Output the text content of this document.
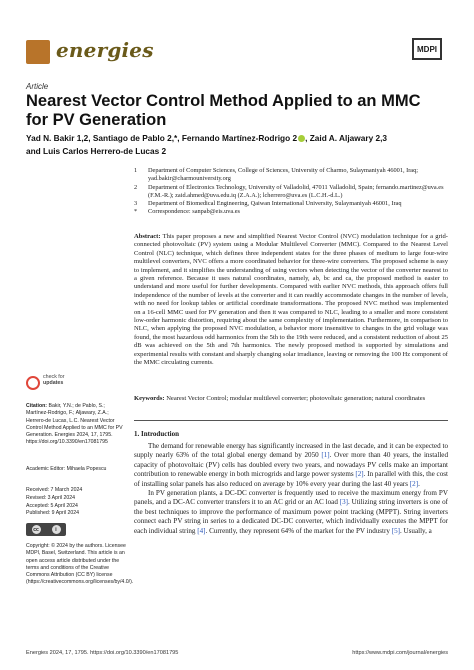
energies	MDPI
Article
Nearest Vector Control Method Applied to an MMC for PV Generation
Yad N. Bakir 1,2, Santiago de Pablo 2,*, Fernando Martínez-Rodrigo 2 , Zaid A. Aljawary 2,3
and Luis Carlos Herrero-de Lucas 2
1	Department of Computer Sciences, College of Sciences, University of Charmo, Sulaymaniyah 46001, Iraq; yad.bakir@charmouniversity.org
2	Department of Electronics Technology, University of Valladolid, 47011 Valladolid, Spain; fernando.martinez@uva.es (F.M.-R.); zaid.ahmed@uva.edu.iq (Z.A.A.); lcherrero@uva.es (L.C.H.-d.L.)
3	Department of Biomedical Engineering, Qaiwan International University, Sulaymaniyah 46001, Iraq
*	Correspondence: sanpab@eis.uva.es
Abstract: This paper proposes a new and simplified Nearest Vector Control (NVC) modulation technique for a grid-connected photovoltaic (PV) system using a Modular Multilevel Converter (MMC). Compared to the Nearest Level Control (NLC) technique, which defines three independent states for the three phases of medium to large four-wire multilevel converters, NVC offers a more coordinated behavior for three-wire converters. The proposed scheme is easy to implement, and it simplifies the understanding of using vectors when detecting the vector of the converter nearest to a given reference. Because it uses natural coordinates, namely, ab, bc and ca, the proposed method is easier to understand and more useful for further developments. Compared with earlier NVC methods, this approach offers full independence of the number of levels at the converter and it can readily accommodate changes in the number of levels, with no need for lookup tables or artificial coordinate transformations. The proposed NVC method was implemented on a 16-cell MMC used for PV generation and then it was compared to NLC, leading to a smaller and more consistent low-order harmonic distortion, requiring about the same complexity of implementation. Furthermore, in comparison to NLC, when applying the proposed NVC modulation, a behavior more insensitive to changes in the grid voltage was found, the most hazardous odd harmonics from the 5th to the 19th were reduced, and a consistent reduction of about 25 dB was achieved on the 5th and 7th harmonics. The newly proposed method is supported by simulations and experimental results with constant and sharply changing solar irradiance, leaving or removing the 100 Hz component of the MMC circulating currents.
Keywords: Nearest Vector Control; modular multilevel converter; photovoltaic generation; natural coordinates
check for
updates
Citation: Bakir, Y.N.; de Pablo, S.; Martínez-Rodrigo, F.; Aljawary, Z.A.; Herrero-de Lucas, L.C. Nearest Vector Control Method Applied to an MMC for PV Generation. Energies 2024, 17, 1795. https://doi.org/10.3390/en17081795
Academic Editor: Mihaela Popescu
Received: 7 March 2024
Revised: 3 April 2024
Accepted: 5 April 2024
Published: 9 April 2024
cc	i
Copyright: © 2024 by the authors. Licensee MDPI, Basel, Switzerland. This article is an open access article distributed under the terms and conditions of the Creative Commons Attribution (CC BY) license (https://creativecommons.org/licenses/by/4.0/).
1. Introduction
The demand for renewable energy has significantly increased in the last decade, and it can be expected to supply nearly 63% of the total global energy demand by 2050 [1]. Over more than 40 years, the installed capacity of photovoltaic (PV) cells has doubled every two years, and nowadays PV cells make an important contribution to renewable energy in both microgrids and large power systems [2]. In parallel with this, the cost of installing solar panels has also reduced on average by 10% every year during the last 40 years [2].
In PV generation plants, a DC-DC converter is frequently used to receive the maximum energy from PV panels, and a DC-AC converter transfers it to an AC grid or an AC load [3]. Utilizing string inverters is one of the best techniques to improve the performance of maximum power point tracking (MPPT). String inverters connect each PV string in series to a dedicated DC-DC converter, which individually executes the MPPT for each individual string [4]. Currently, they represent 64% of the market for the PV industry [5]. Usually, a
Energies 2024, 17, 1795. https://doi.org/10.3390/en17081795	https://www.mdpi.com/journal/energies
